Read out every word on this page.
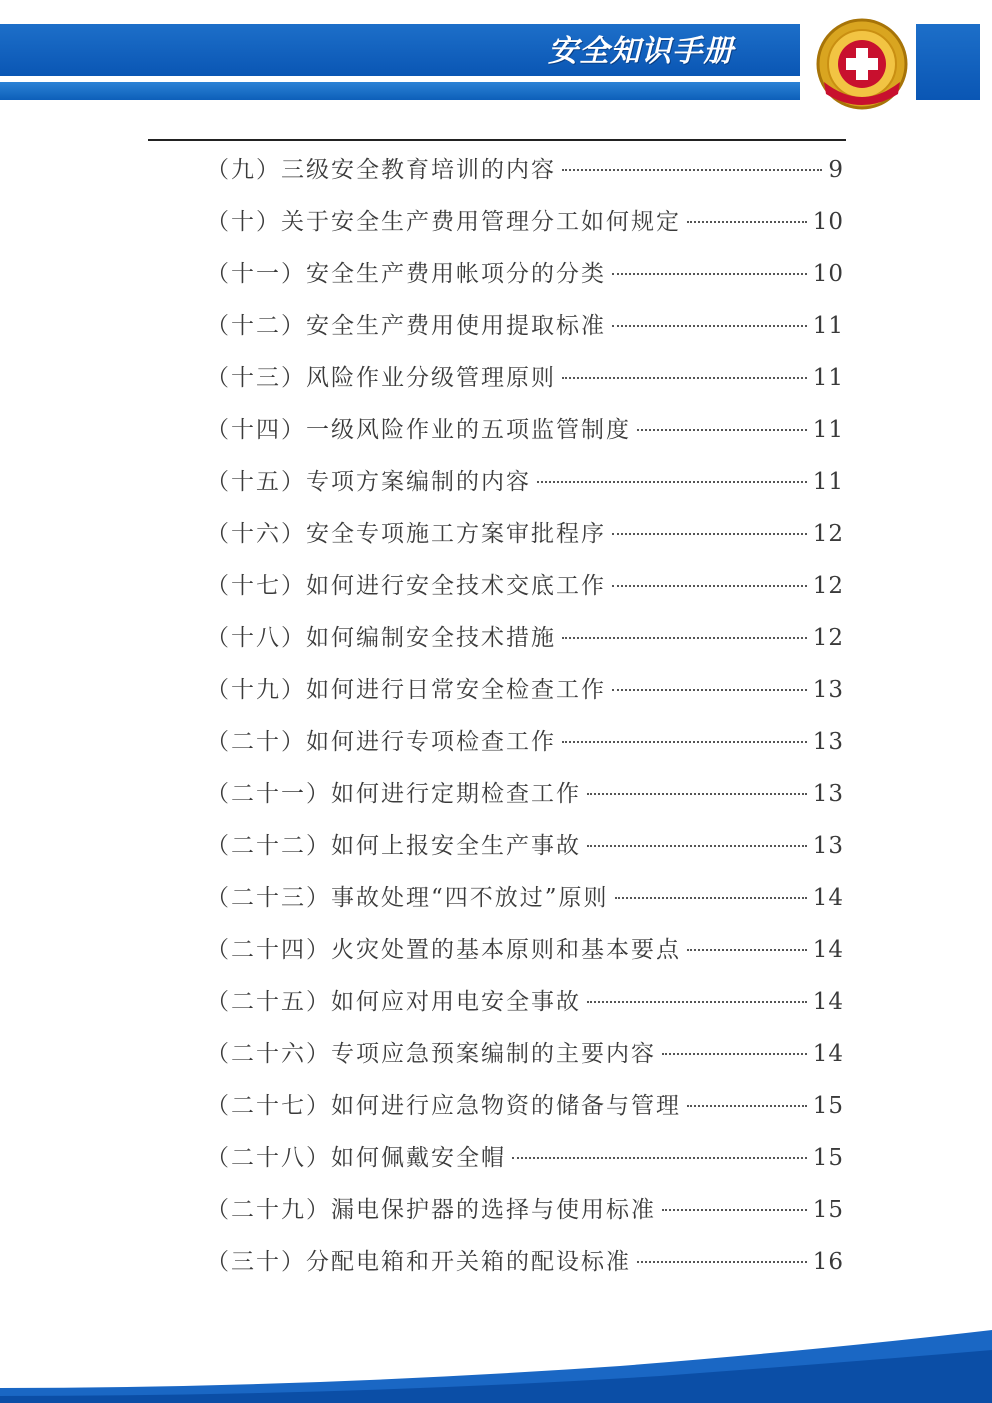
安全知识手册
（九）三级安全教育培训的内容	9
（十）关于安全生产费用管理分工如何规定	10
（十一）安全生产费用帐项分的分类	10
（十二）安全生产费用使用提取标准	11
（十三）风险作业分级管理原则	11
（十四）一级风险作业的五项监管制度	11
（十五）专项方案编制的内容	11
（十六）安全专项施工方案审批程序	12
（十七）如何进行安全技术交底工作	12
（十八）如何编制安全技术措施	12
（十九）如何进行日常安全检查工作	13
（二十）如何进行专项检查工作	13
（二十一）如何进行定期检查工作	13
（二十二）如何上报安全生产事故	13
（二十三）事故处理“四不放过”原则	14
（二十四）火灾处置的基本原则和基本要点	14
（二十五）如何应对用电安全事故	14
（二十六）专项应急预案编制的主要内容	14
（二十七）如何进行应急物资的储备与管理	15
（二十八）如何佩戴安全帽	15
（二十九）漏电保护器的选择与使用标准	15
（三十）分配电箱和开关箱的配设标准	16
